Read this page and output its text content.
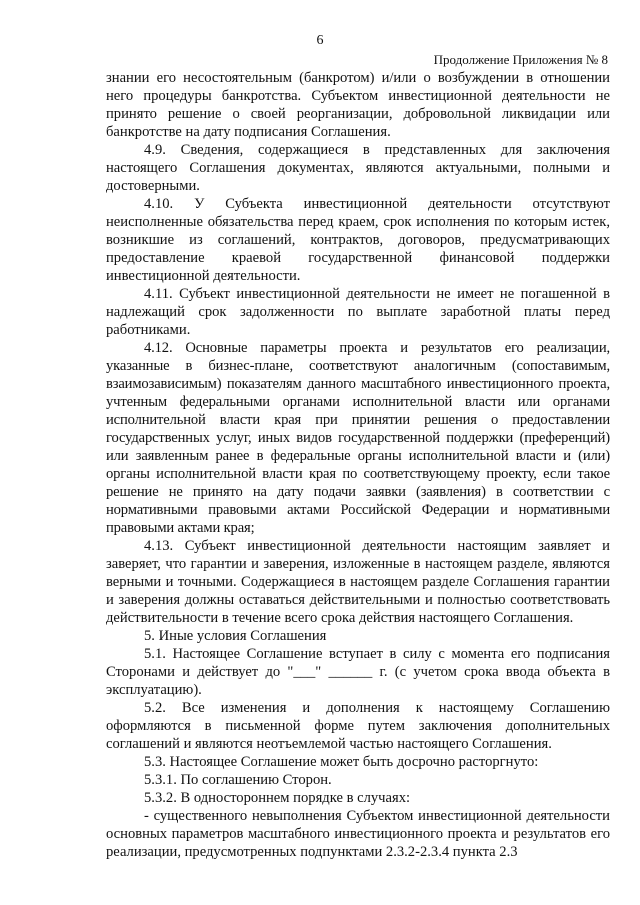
6
Продолжение Приложения № 8

знании его несостоятельным (банкротом) и/или о возбуждении в отношении него процедуры банкротства. Субъектом инвестиционной деятельности не принято решение о своей реорганизации, добровольной ликвидации или банкротстве на дату подписания Соглашения.

4.9. Сведения, содержащиеся в представленных для заключения настоящего Соглашения документах, являются актуальными, полными и достоверными.

4.10. У Субъекта инвестиционной деятельности отсутствуют неисполненные обязательства перед краем, срок исполнения по которым истек, возникшие из соглашений, контрактов, договоров, предусматривающих предоставление краевой государственной финансовой поддержки инвестиционной деятельности.

4.11. Субъект инвестиционной деятельности не имеет не погашенной в надлежащий срок задолженности по выплате заработной платы перед работниками.

4.12. Основные параметры проекта и результатов его реализации, указанные в бизнес-плане, соответствуют аналогичным (сопоставимым, взаимозависимым) показателям данного масштабного инвестиционного проекта, учтенным федеральными органами исполнительной власти или органами исполнительной власти края при принятии решения о предоставлении государственных услуг, иных видов государственной поддержки (преференций) или заявленным ранее в федеральные органы исполнительной власти и (или) органы исполнительной власти края по соответствующему проекту, если такое решение не принято на дату подачи заявки (заявления) в соответствии с нормативными правовыми актами Российской Федерации и нормативными правовыми актами края;

4.13. Субъект инвестиционной деятельности настоящим заявляет и заверяет, что гарантии и заверения, изложенные в настоящем разделе, являются верными и точными. Содержащиеся в настоящем разделе Соглашения гарантии и заверения должны оставаться действительными и полностью соответствовать действительности в течение всего срока действия настоящего Соглашения.

5. Иные условия Соглашения

5.1. Настоящее Соглашение вступает в силу с момента его подписания Сторонами и действует до "___" ______ г. (с учетом срока ввода объекта в эксплуатацию).

5.2. Все изменения и дополнения к настоящему Соглашению оформляются в письменной форме путем заключения дополнительных соглашений и являются неотъемлемой частью настоящего Соглашения.

5.3. Настоящее Соглашение может быть досрочно расторгнуто:

5.3.1. По соглашению Сторон.

5.3.2. В одностороннем порядке в случаях:

- существенного невыполнения Субъектом инвестиционной деятельности основных параметров масштабного инвестиционного проекта и результатов его реализации, предусмотренных подпунктами 2.3.2-2.3.4 пункта 2.3
